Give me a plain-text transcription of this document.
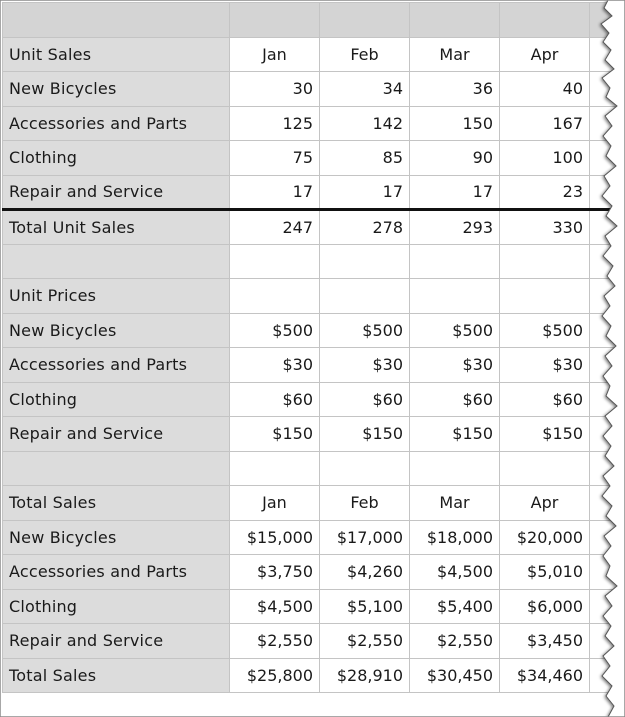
Unit Sales	Jan	Feb	Mar	Apr	
New Bicycles	30	34	36	40	
Accessories and Parts	125	142	150	167	
Clothing	75	85	90	100	
Repair and Service	17	17	17	23	
Total Unit Sales	247	278	293	330	

Unit Prices					
New Bicycles	$500	$500	$500	$500	
Accessories and Parts	$30	$30	$30	$30	
Clothing	$60	$60	$60	$60	
Repair and Service	$150	$150	$150	$150	

Total Sales	Jan	Feb	Mar	Apr	
New Bicycles	$15,000	$17,000	$18,000	$20,000	
Accessories and Parts	$3,750	$4,260	$4,500	$5,010	
Clothing	$4,500	$5,100	$5,400	$6,000	
Repair and Service	$2,550	$2,550	$2,550	$3,450	
Total Sales	$25,800	$28,910	$30,450	$34,460	
